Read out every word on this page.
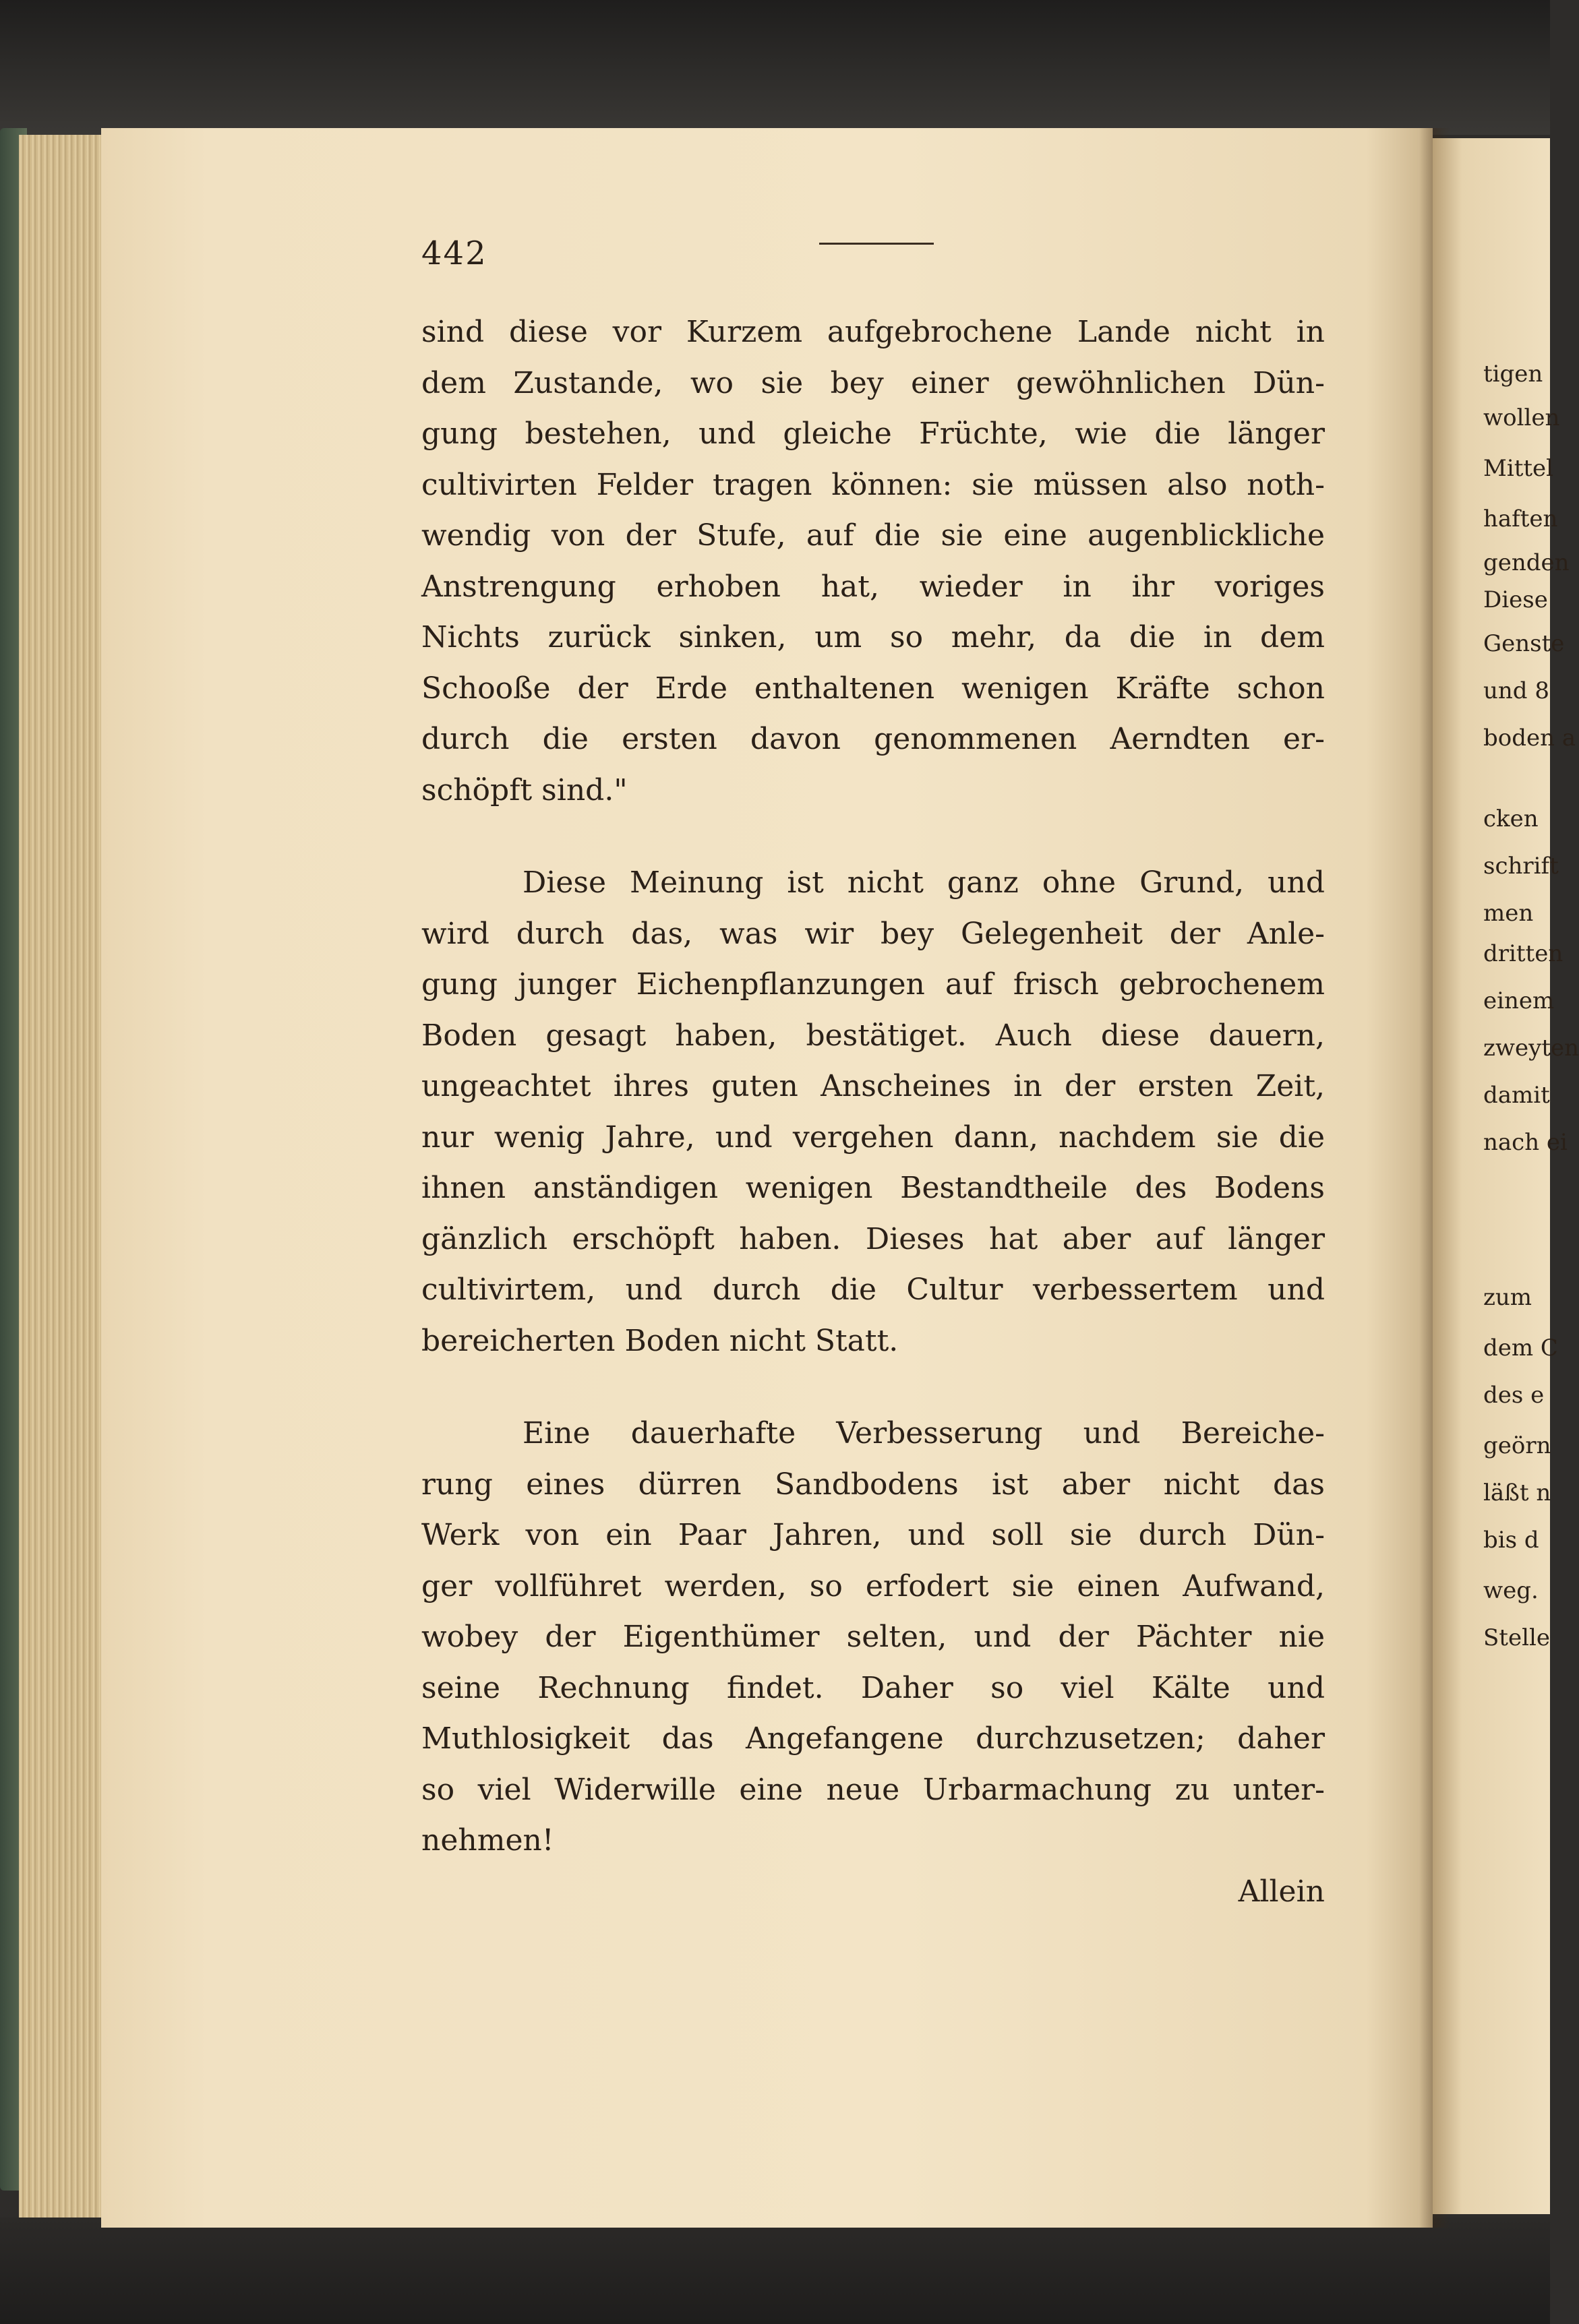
tigen
wollen
Mittel
haften
genden
Diese
Genste
und 8
boden a
cken
schrift
men
dritten
einem
zweyten
damit
nach ei
zum
dem C
des e
geörn
läßt n
bis d
weg.
Stelle
442
sind diese vor Kurzem aufgebrochene Lande nicht in
dem Zustande, wo sie bey einer gewöhnlichen Dün-
gung bestehen, und gleiche Früchte, wie die länger
cultivirten Felder tragen können: sie müssen also noth-
wendig von der Stufe, auf die sie eine augenblickliche
Anstrengung erhoben hat, wieder in ihr voriges
Nichts zurück sinken, um so mehr, da die in dem
Schooße der Erde enthaltenen wenigen Kräfte schon
durch die ersten davon genommenen Aerndten er-
schöpft sind."
Diese Meinung ist nicht ganz ohne Grund, und
wird durch das, was wir bey Gelegenheit der Anle-
gung junger Eichenpflanzungen auf frisch gebrochenem
Boden gesagt haben, bestätiget. Auch diese dauern,
ungeachtet ihres guten Anscheines in der ersten Zeit,
nur wenig Jahre, und vergehen dann, nachdem sie die
ihnen anständigen wenigen Bestandtheile des Bodens
gänzlich erschöpft haben. Dieses hat aber auf länger
cultivirtem, und durch die Cultur verbessertem und
bereicherten Boden nicht Statt.
Eine dauerhafte Verbesserung und Bereiche-
rung eines dürren Sandbodens ist aber nicht das
Werk von ein Paar Jahren, und soll sie durch Dün-
ger vollführet werden, so erfodert sie einen Aufwand,
wobey der Eigenthümer selten, und der Pächter nie
seine Rechnung findet. Daher so viel Kälte und
Muthlosigkeit das Angefangene durchzusetzen; daher
so viel Widerwille eine neue Urbarmachung zu unter-
nehmen!
Allein
